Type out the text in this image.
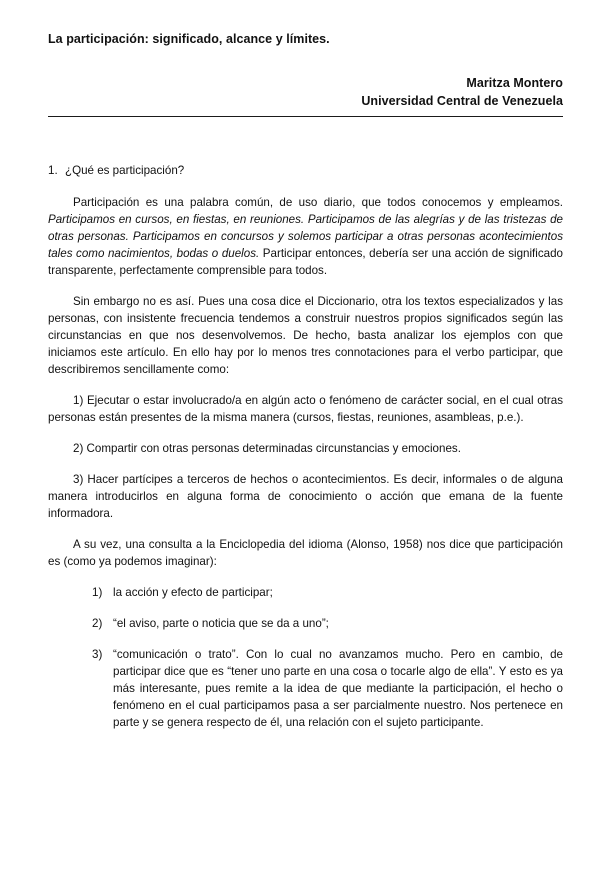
La participación: significado, alcance y límites.
Maritza Montero
Universidad Central de Venezuela
1. ¿Qué es participación?

Participación es una palabra común, de uso diario, que todos conocemos y empleamos. Participamos en cursos, en fiestas, en reuniones. Participamos de las alegrías y de las tristezas de otras personas. Participamos en concursos y solemos participar a otras personas acontecimientos tales como nacimientos, bodas o duelos. Participar entonces, debería ser una acción de significado transparente, perfectamente comprensible para todos.

Sin embargo no es así. Pues una cosa dice el Diccionario, otra los textos especializados y las personas, con insistente frecuencia tendemos a construir nuestros propios significados según las circunstancias en que nos desenvolvemos. De hecho, basta analizar los ejemplos con que iniciamos este artículo. En ello hay por lo menos tres connotaciones para el verbo participar, que describiremos sencillamente como:

1) Ejecutar o estar involucrado/a en algún acto o fenómeno de carácter social, en el cual otras personas están presentes de la misma manera (cursos, fiestas, reuniones, asambleas, p.e.).

2) Compartir con otras personas determinadas circunstancias y emociones.

3) Hacer partícipes a terceros de hechos o acontecimientos. Es decir, informales o de alguna manera introducirlos en alguna forma de conocimiento o acción que emana de la fuente informadora.

A su vez, una consulta a la Enciclopedia del idioma (Alonso, 1958) nos dice que participación es (como ya podemos imaginar):

1) la acción y efecto de participar;
2) “el aviso, parte o noticia que se da a uno”;
3) “comunicación o trato”. Con lo cual no avanzamos mucho. Pero en cambio, de participar dice que es “tener uno parte en una cosa o tocarle algo de ella”. Y esto es ya más interesante, pues remite a la idea de que mediante la participación, el hecho o fenómeno en el cual participamos pasa a ser parcialmente nuestro. Nos pertenece en parte y se genera respecto de él, una relación con el sujeto participante.
